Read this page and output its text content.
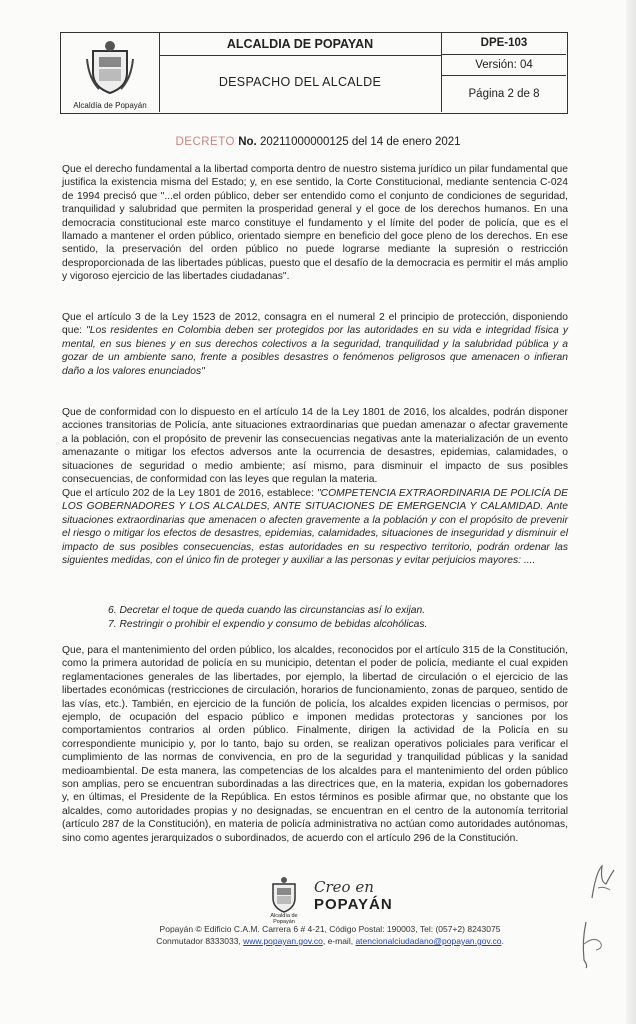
Alcaldía de Popayán
ALCALDIA DE POPAYAN
DESPACHO DEL ALCALDE
DPE-103
Versión: 04
Página 2 de 8
DECRETO No. 20211000000125 del 14 de enero 2021
Que el derecho fundamental a la libertad comporta dentro de nuestro sistema jurídico un pilar fundamental que justifica la existencia misma del Estado; y, en ese sentido, la Corte Constitucional, mediante sentencia C-024 de 1994 precisó que "...el orden público, deber ser entendido como el conjunto de condiciones de seguridad, tranquilidad y salubridad que permiten la prosperidad general y el goce de los derechos humanos. En una democracia constitucional este marco constituye el fundamento y el límite del poder de policía, que es el llamado a mantener el orden público, orientado siempre en beneficio del goce pleno de los derechos. En ese sentido, la preservación del orden público no puede lograrse mediante la supresión o restricción desproporcionada de las libertades públicas, puesto que el desafío de la democracia es permitir el más amplio y vigoroso ejercicio de las libertades ciudadanas".
Que el artículo 3 de la Ley 1523 de 2012, consagra en el numeral 2 el principio de protección, disponiendo que: "Los residentes en Colombia deben ser protegidos por las autoridades en su vida e integridad física y mental, en sus bienes y en sus derechos colectivos a la seguridad, tranquilidad y la salubridad pública y a gozar de un ambiente sano, frente a posibles desastres o fenómenos peligrosos que amenacen o infieran daño a los valores enunciados"
Que de conformidad con lo dispuesto en el artículo 14 de la Ley 1801 de 2016, los alcaldes, podrán disponer acciones transitorias de Policía, ante situaciones extraordinarias que puedan amenazar o afectar gravemente a la población, con el propósito de prevenir las consecuencias negativas ante la materialización de un evento amenazante o mitigar los efectos adversos ante la ocurrencia de desastres, epidemias, calamidades, o situaciones de seguridad o medio ambiente; así mismo, para disminuir el impacto de sus posibles consecuencias, de conformidad con las leyes que regulan la materia.
Que el artículo 202 de la Ley 1801 de 2016, establece: "COMPETENCIA EXTRAORDINARIA DE POLICÍA DE LOS GOBERNADORES Y LOS ALCALDES, ANTE SITUACIONES DE EMERGENCIA Y CALAMIDAD. Ante situaciones extraordinarias que amenacen o afecten gravemente a la población y con el propósito de prevenir el riesgo o mitigar los efectos de desastres, epidemias, calamidades, situaciones de inseguridad y disminuir el impacto de sus posibles consecuencias, estas autoridades en su respectivo territorio, podrán ordenar las siguientes medidas, con el único fin de proteger y auxiliar a las personas y evitar perjuicios mayores: ....
6. Decretar el toque de queda cuando las circunstancias así lo exijan.
7. Restringir o prohibir el expendio y consumo de bebidas alcohólicas.
Que, para el mantenimiento del orden público, los alcaldes, reconocidos por el artículo 315 de la Constitución, como la primera autoridad de policía en su municipio, detentan el poder de policía, mediante el cual expiden reglamentaciones generales de las libertades, por ejemplo, la libertad de circulación o el ejercicio de las libertades económicas (restricciones de circulación, horarios de funcionamiento, zonas de parqueo, sentido de las vías, etc.). También, en ejercicio de la función de policía, los alcaldes expiden licencias o permisos, por ejemplo, de ocupación del espacio público e imponen medidas protectoras y sanciones por los comportamientos contrarios al orden público. Finalmente, dirigen la actividad de la Policía en su correspondiente municipio y, por lo tanto, bajo su orden, se realizan operativos policiales para verificar el cumplimiento de las normas de convivencia, en pro de la seguridad y tranquilidad públicas y la sanidad medioambiental. De esta manera, las competencias de los alcaldes para el mantenimiento del orden público son amplias, pero se encuentran subordinadas a las directrices que, en la materia, expidan los gobernadores y, en últimas, el Presidente de la República. En estos términos es posible afirmar que, no obstante que los alcaldes, como autoridades propias y no designadas, se encuentran en el centro de la autonomía territorial (artículo 287 de la Constitución), en materia de policía administrativa no actúan como autoridades autónomas, sino como agentes jerarquizados o subordinados, de acuerdo con el artículo 296 de la Constitución.
Alcaldía de Popayán
Creo en
POPAYÁN
Popayán © Edificio C.A.M. Carrera 6 # 4-21, Código Postal: 190003, Tel: (057+2) 8243075
Conmutador 8333033, www.popayan.gov.co, e-mail, atencionalciudadano@popayan.gov.co.
